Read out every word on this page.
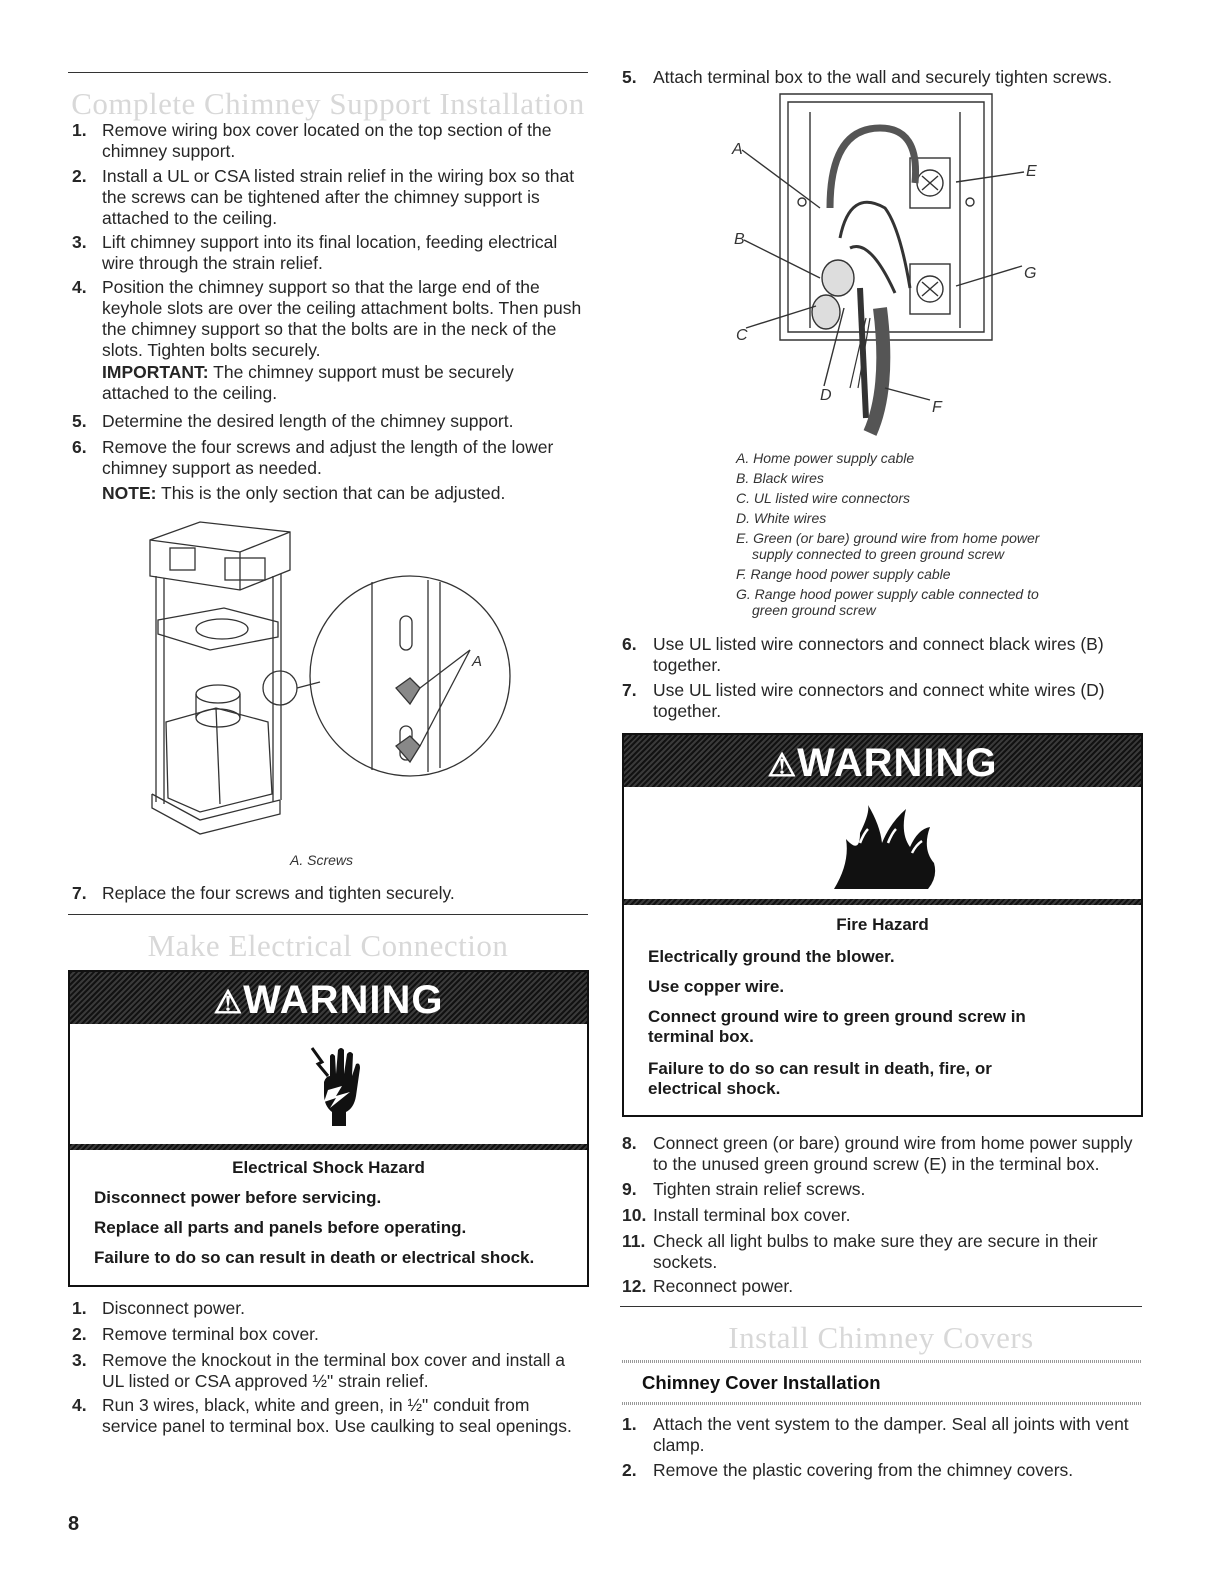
Complete Chimney Support Installation
1. Remove wiring box cover located on the top section of the chimney support.
2. Install a UL or CSA listed strain relief in the wiring box so that the screws can be tightened after the chimney support is attached to the ceiling.
3. Lift chimney support into its final location, feeding electrical wire through the strain relief.
4. Position the chimney support so that the large end of the keyhole slots are over the ceiling attachment bolts. Then push the chimney support so that the bolts are in the neck of the slots. Tighten bolts securely.
IMPORTANT: The chimney support must be securely attached to the ceiling.
5. Determine the desired length of the chimney support.
6. Remove the four screws and adjust the length of the lower chimney support as needed.
NOTE: This is the only section that can be adjusted.
A
A. Screws
7. Replace the four screws and tighten securely.
Make Electrical Connection
⚠WARNING
Electrical Shock Hazard
Disconnect power before servicing.
Replace all parts and panels before operating.
Failure to do so can result in death or electrical shock.
1. Disconnect power.
2. Remove terminal box cover.
3. Remove the knockout in the terminal box cover and install a UL listed or CSA approved ½" strain relief.
4. Run 3 wires, black, white and green, in ½" conduit from service panel to terminal box. Use caulking to seal openings.
5. Attach terminal box to the wall and securely tighten screws.
A
B
C
D
E
F
G
A. Home power supply cable
B. Black wires
C. UL listed wire connectors
D. White wires
E. Green (or bare) ground wire from home power
supply connected to green ground screw
F. Range hood power supply cable
G. Range hood power supply cable connected to
green ground screw
6. Use UL listed wire connectors and connect black wires (B) together.
7. Use UL listed wire connectors and connect white wires (D) together.
⚠WARNING
Fire Hazard
Electrically ground the blower.
Use copper wire.
Connect ground wire to green ground screw in terminal box.
Failure to do so can result in death, fire, or electrical shock.
8. Connect green (or bare) ground wire from home power supply to the unused green ground screw (E) in the terminal box.
9. Tighten strain relief screws.
10. Install terminal box cover.
11. Check all light bulbs to make sure they are secure in their sockets.
12. Reconnect power.
Install Chimney Covers
Chimney Cover Installation
1. Attach the vent system to the damper. Seal all joints with vent clamp.
2. Remove the plastic covering from the chimney covers.
8
